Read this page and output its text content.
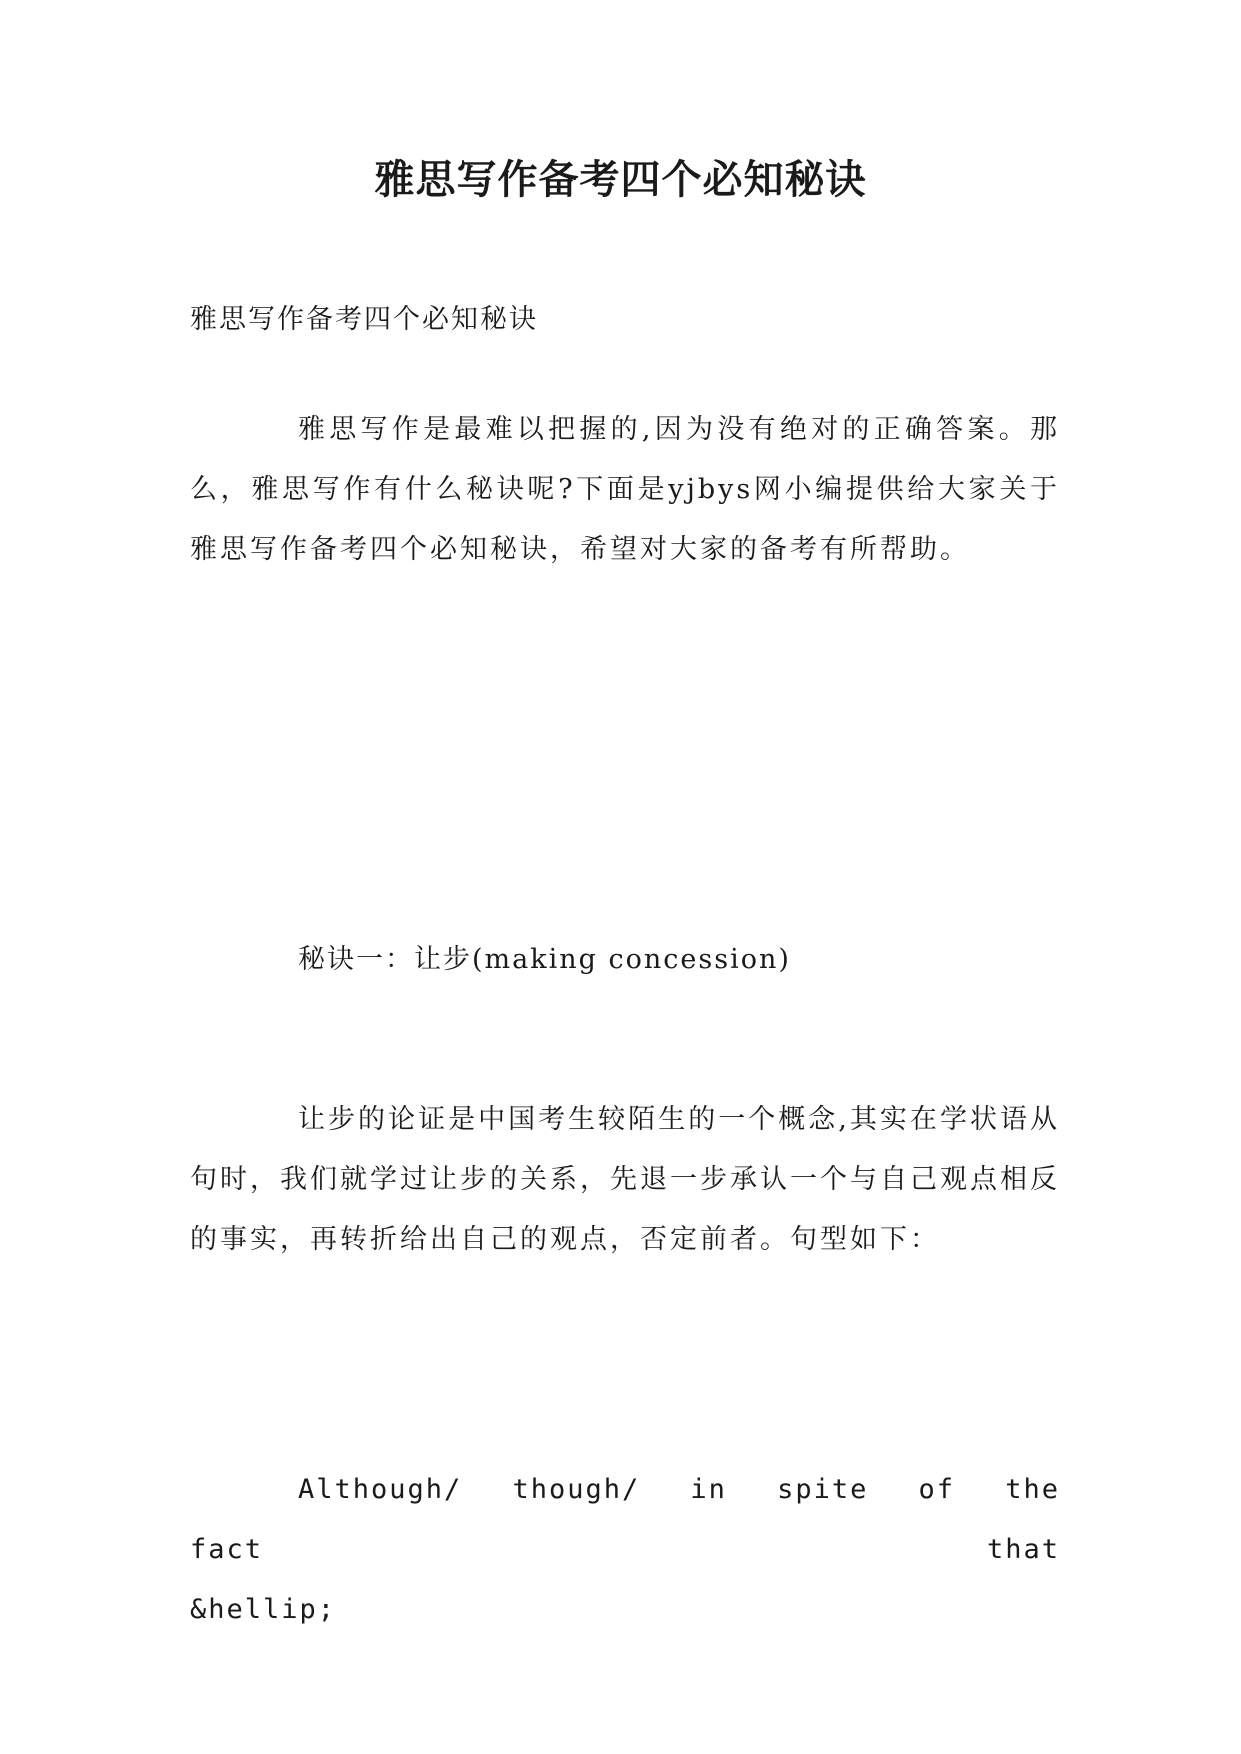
雅思写作备考四个必知秘诀

雅思写作备考四个必知秘诀

雅思写作是最难以把握的,因为没有绝对的正确答案。那么，雅思写作有什么秘诀呢?下面是yjbys网小编提供给大家关于雅思写作备考四个必知秘诀，希望对大家的备考有所帮助。

秘诀一：让步(making concession)

让步的论证是中国考生较陌生的一个概念,其实在学状语从句时，我们就学过让步的关系，先退一步承认一个与自己观点相反的事实，再转折给出自己的观点，否定前者。句型如下：

Although/ though/ in spite of the fact that
&hellip;
